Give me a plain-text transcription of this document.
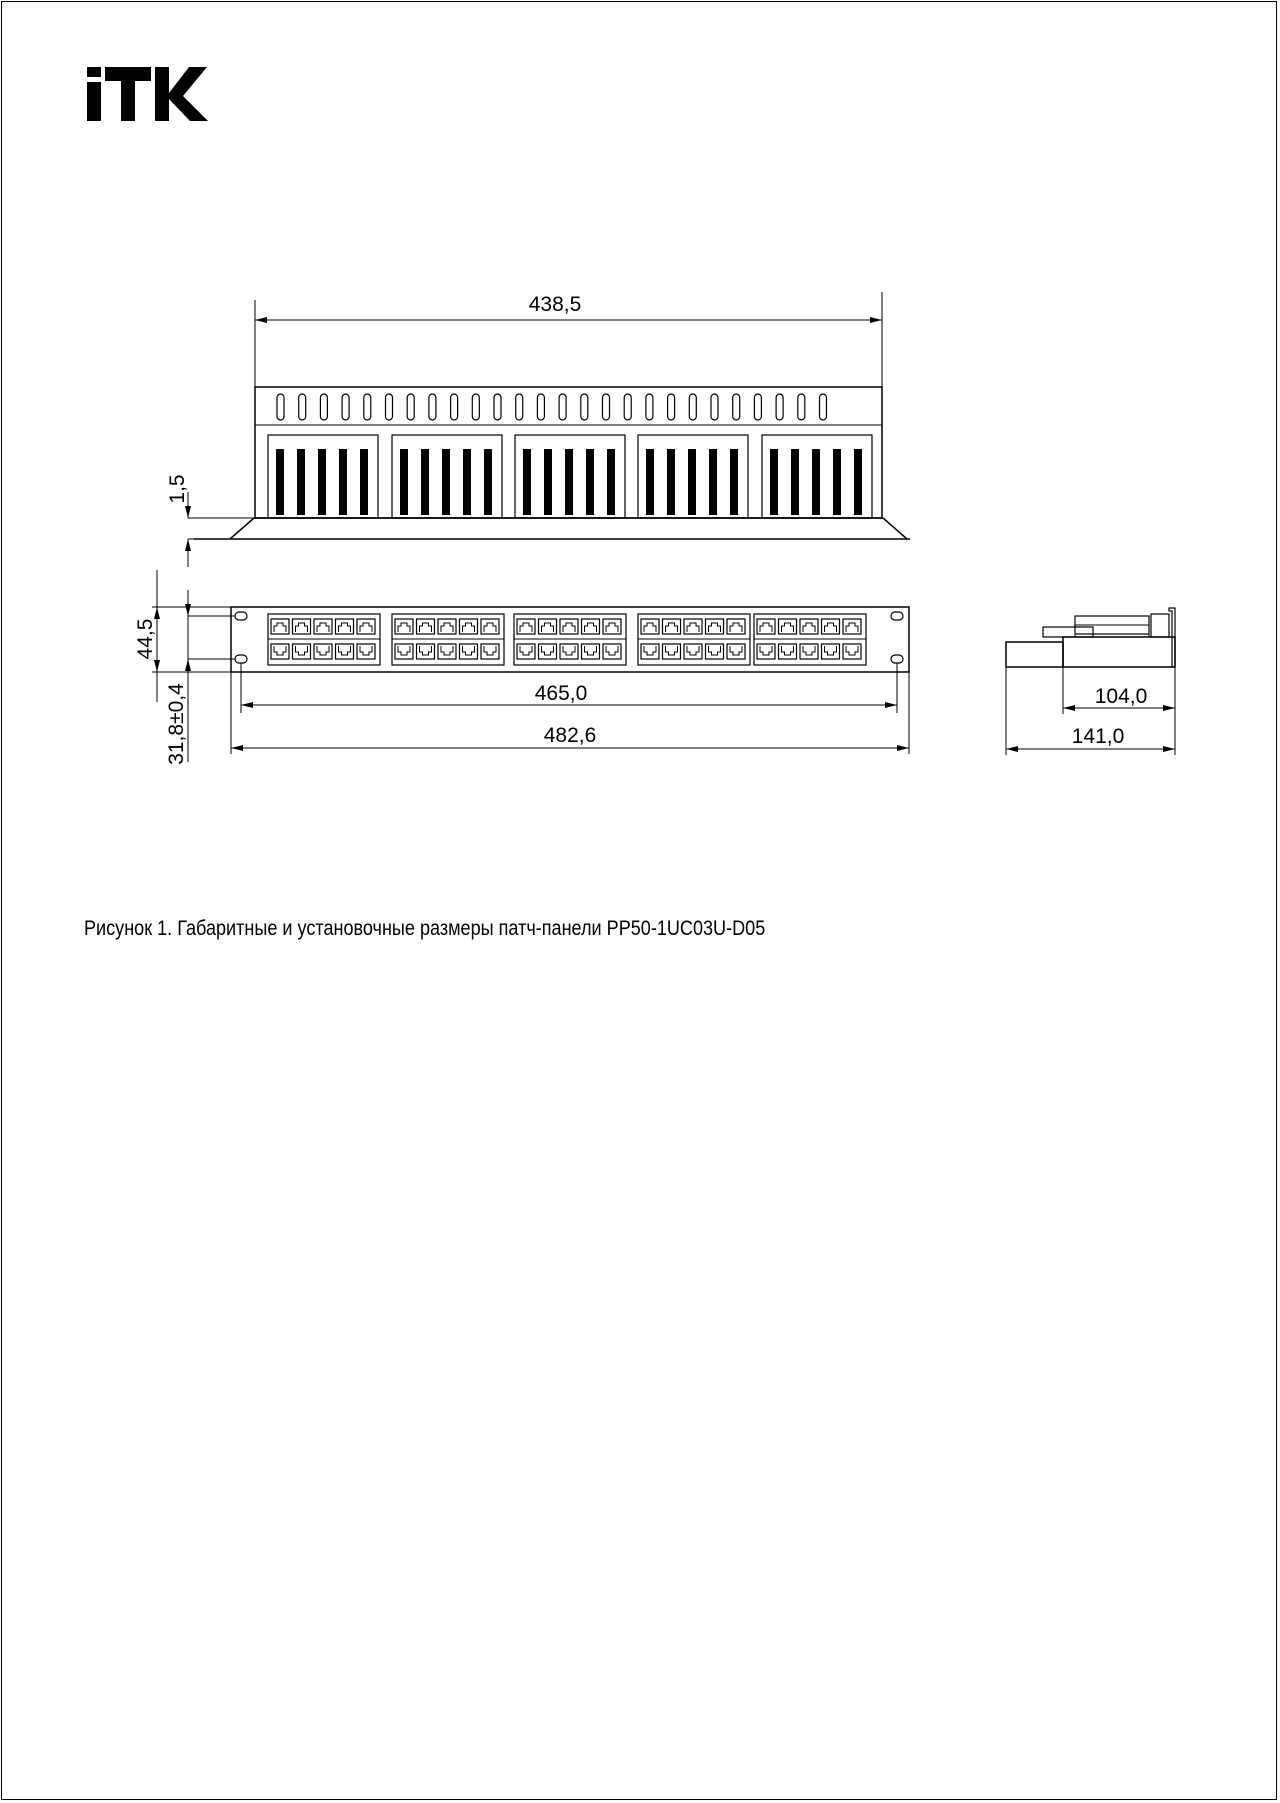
438,5
1,5
44,5
31,8±0,4	465,0
482,6
104,0
141,0
Рисунок 1. Габаритные и установочные размеры патч-панели PP50-1UC03U-D05
